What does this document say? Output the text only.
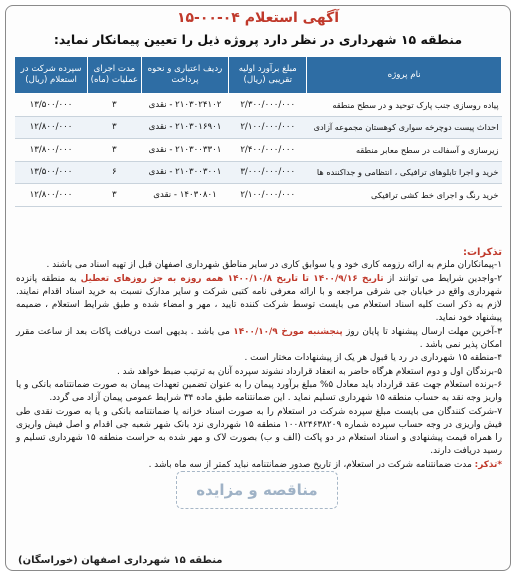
آگهی استعلام ۰۴-۰۰-۱۵
منطقه ۱۵ شهرداری در نظر دارد پروژه ذیل را تعیین پیمانکار نماید:
نام پروژه	مبلغ برآورد اولیه تقریبی (ریال)	ردیف اعتباری و نحوه پرداخت	مدت اجرای عملیات (ماه)	سپرده شرکت در استعلام (ریال)
پیاده روسازی جنب پارک توحید و در سطح منطقه	۲/۳۰۰/۰۰۰/۰۰۰	۲۱۰۳۰۲۴۱۰۲ - نقدی	۳	۱۳/۵۰۰/۰۰۰
احداث پیست دوچرخه سواری کوهستان مجموعه آزادی	۲/۱۰۰/۰۰۰/۰۰۰	۲۱۰۳۰۱۶۹۰۱ - نقدی	۳	۱۲/۸۰۰/۰۰۰
زیرسازی و آسفالت در سطح معابر منطقه	۲/۴۰۰/۰۰۰/۰۰۰	۲۱۰۳۰۰۳۳۰۱ - نقدی	۳	۱۳/۸۰۰/۰۰۰
خرید و اجرا تابلوهای ترافیکی ، انتظامی و جداکننده ها	۳/۰۰۰/۰۰۰/۰۰۰	۲۱۰۳۰۰۳۰۰۱ - نقدی	۶	۱۳/۵۰۰/۰۰۰
خرید رنگ و اجرای خط کشی ترافیکی	۲/۱۰۰/۰۰۰/۰۰۰	۱۴۰۳۰۸۰۱ - نقدی	۳	۱۲/۸۰۰/۰۰۰
تذکرات:

۱-پیمانکاران ملزم به ارائه رزومه کاری خود و یا سوابق کاری در سایر مناطق شهرداری اصفهان قبل از تهیه اسناد می باشند .

۲-واجدین شرایط می توانند از تاریخ ۱۴۰۰/۹/۱۶ تا تاریخ ۱۴۰۰/۱۰/۸ همه روزه به جز روزهای تعطیل به منطقه پانزده شهرداری واقع در خیابان جی شرقی مراجعه و با ارائه معرفی نامه کتبی شرکت و سایر مدارک نسبت به خرید اسناد اقدام نمایند. لازم به ذکر است کلیه اسناد استعلام می بایست توسط شرکت کننده تایید ، مهر و امضاء شده و طبق شرایط استعلام ، ضمیمه پیشنهاد خود نماید.

۳-آخرین مهلت ارسال پیشنهاد تا پایان روز پنجشنبه مورخ ۱۴۰۰/۱۰/۹ می باشد . بدیهی است دریافت پاکات بعد از ساعت مقرر امکان پذیر نمی باشد .

۴-منطقه ۱۵ شهرداری در رد یا قبول هر یک از پیشنهادات مختار است .

۵-برندگان اول و دوم استعلام هرگاه حاضر به انعقاد قرارداد نشوند سپرده آنان به ترتیب ضبط خواهد شد .

۶-برنده استعلام جهت عقد قرارداد باید معادل ۵% مبلغ برآورد پیمان را به عنوان تضمین تعهدات پیمان به صورت ضمانتنامه بانکی و یا واریز وجه نقد به حساب منطقه ۱۵ شهرداری تسلیم نماید . این ضمانتنامه طبق ماده ۳۴ شرایط عمومی پیمان آزاد می گردد.

۷-شرکت کنندگان می بایست مبلغ سپرده شرکت در استعلام را به صورت اسناد خزانه یا ضمانتنامه بانکی و یا به صورت نقدی طی فیش واریزی در وجه حساب سپرده شماره ۱۰۰۸۲۴۶۳۸۲۰۹ منطقه ۱۵ شهرداری نزد بانک شهر شعبه جی اقدام و اصل فیش واریزی را همراه قیمت پیشنهادی و اسناد استعلام در دو پاکت (الف و ب) بصورت لاک و مهر شده به حراست منطقه ۱۵ شهرداری تسلیم و رسید دریافت دارند.

*تذکر: مدت ضمانتنامه شرکت در استعلام، از تاریخ صدور ضمانتنامه نباید کمتر از سه ماه باشد .

مناقصه و مزایده
منطقه ۱۵ شهرداری اصفهان (خوراسگان)
